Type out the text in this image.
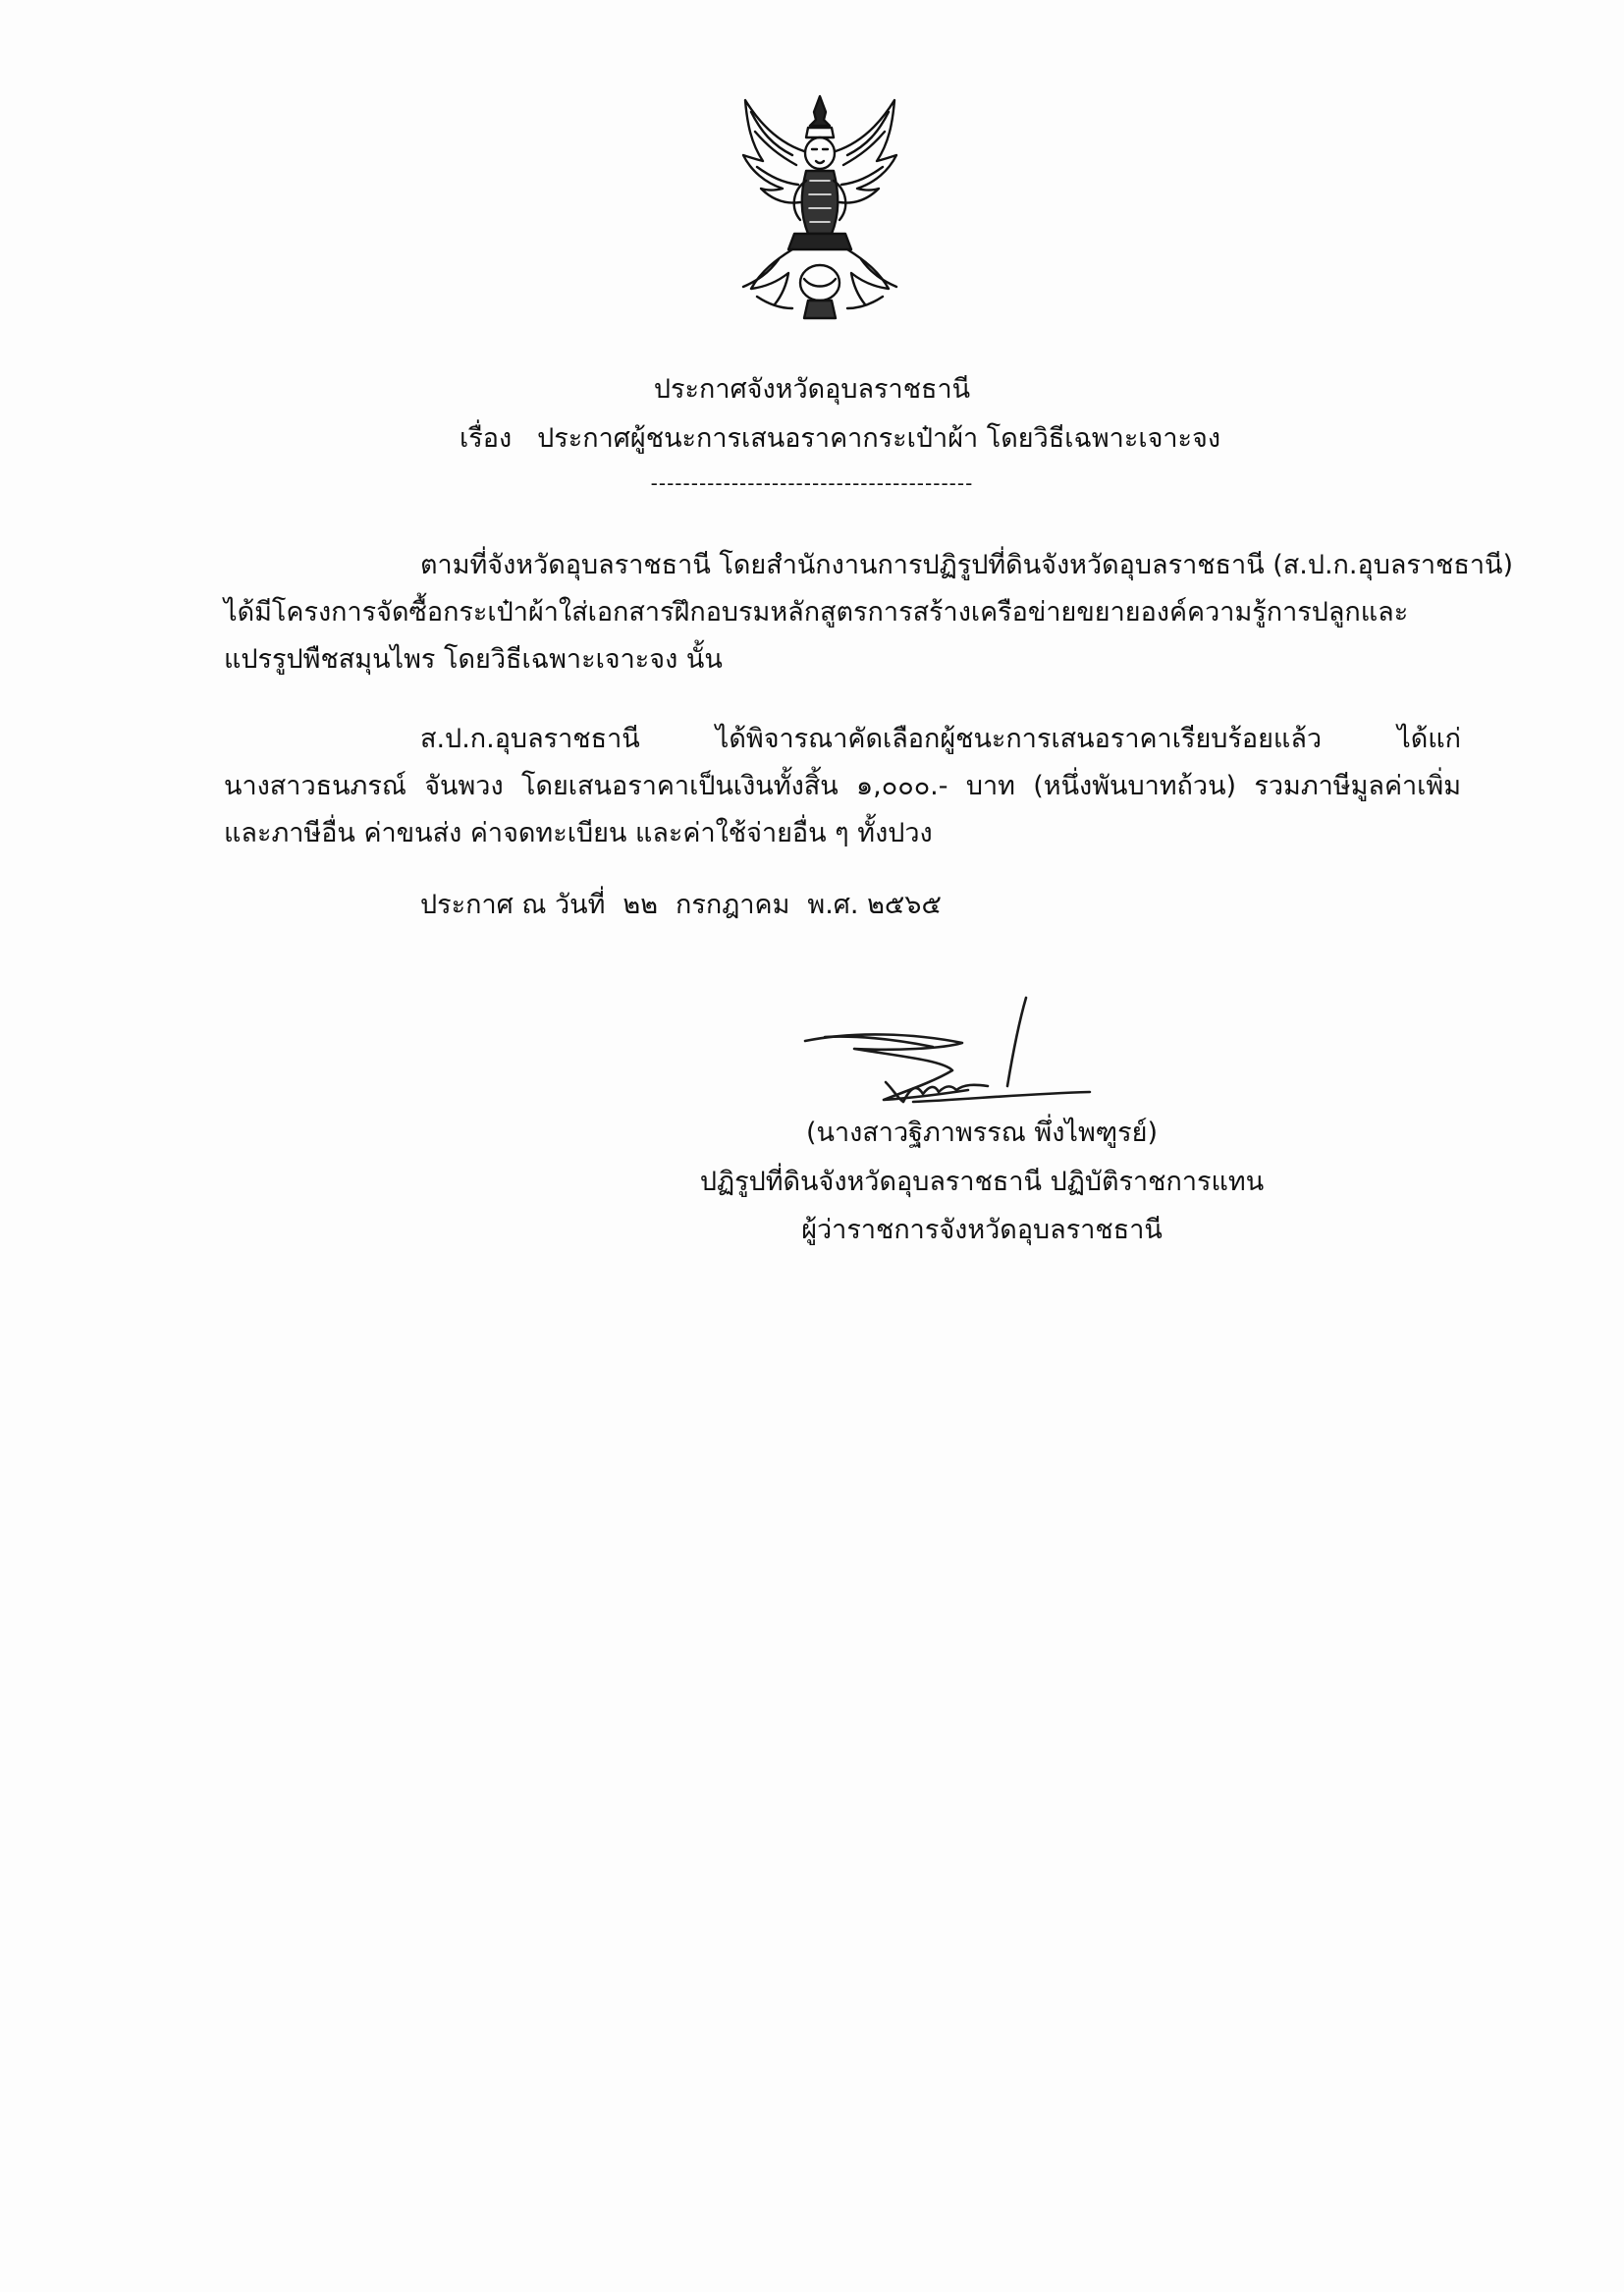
ประกาศจังหวัดอุบลราชธานี
เรื่อง ประกาศผู้ชนะการเสนอราคากระเป๋าผ้า โดยวิธีเฉพาะเจาะจง
----------------------------------------
ตามที่จังหวัดอุบลราชธานี โดยสำนักงานการปฏิรูปที่ดินจังหวัดอุบลราชธานี (ส.ป.ก.อุบลราชธานี)
ได้มีโครงการจัดซื้อกระเป๋าผ้าใส่เอกสารฝึกอบรมหลักสูตรการสร้างเครือข่ายขยายองค์ความรู้การปลูกและ
แปรรูปพืชสมุนไพร โดยวิธีเฉพาะเจาะจง นั้น
ส.ป.ก.อุบลราชธานี ได้พิจารณาคัดเลือกผู้ชนะการเสนอราคาเรียบร้อยแล้ว ได้แก่
นางสาวธนภรณ์ จันพวง โดยเสนอราคาเป็นเงินทั้งสิ้น ๑,๐๐๐.- บาท (หนึ่งพันบาทถ้วน) รวมภาษีมูลค่าเพิ่ม
และภาษีอื่น ค่าขนส่ง ค่าจดทะเบียน และค่าใช้จ่ายอื่น ๆ ทั้งปวง
ประกาศ ณ วันที่ ๒๒ กรกฎาคม พ.ศ. ๒๕๖๕
(นางสาวฐิภาพรรณ พึ่งไพฑูรย์)
ปฏิรูปที่ดินจังหวัดอุบลราชธานี ปฏิบัติราชการแทน
ผู้ว่าราชการจังหวัดอุบลราชธานี
